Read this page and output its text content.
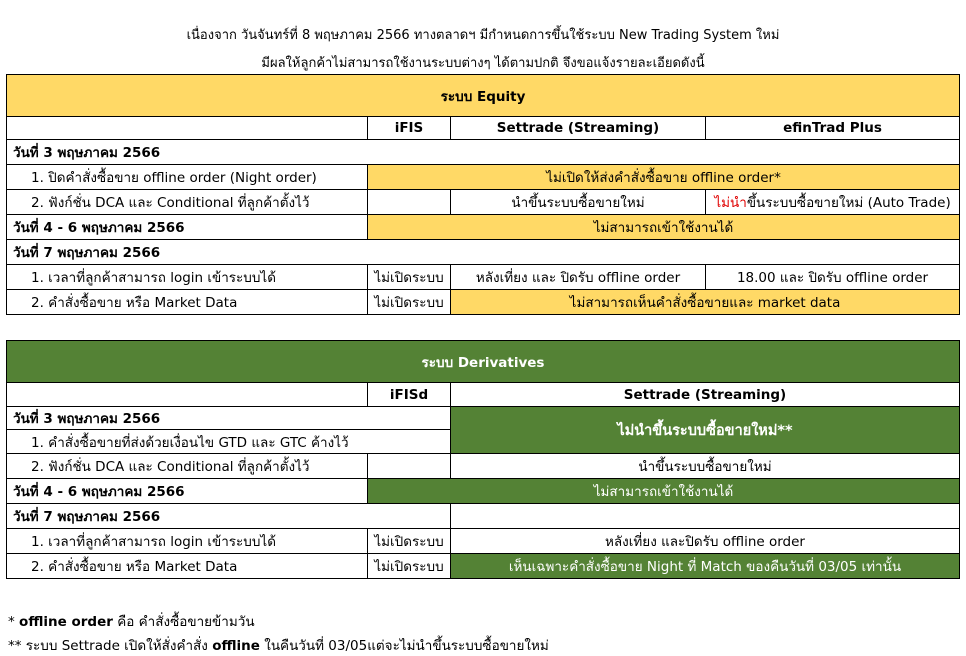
เนื่องจาก วันจันทร์ที่ 8 พฤษภาคม 2566 ทางตลาดฯ มีกำหนดการขึ้นใช้ระบบ New Trading System ใหม่
มีผลให้ลูกค้าไม่สามารถใช้งานระบบต่างๆ ได้ตามปกติ จึงขอแจ้งรายละเอียดดังนี้
ระบบ Equity			
	iFIS	Settrade (Streaming)	efinTrad Plus
วันที่ 3 พฤษภาคม 2566			
1. ปิดคำสั่งซื้อขาย offline order (Night order)	ไม่เปิดให้ส่งคำสั่งซื้อขาย offline order*		
2. ฟังก์ชั่น DCA และ Conditional ที่ลูกค้าตั้งไว้		นำขึ้นระบบซื้อขายใหม่	ไม่นำขึ้นระบบซื้อขายใหม่ (Auto Trade)
วันที่ 4 - 6 พฤษภาคม 2566	ไม่สามารถเข้าใช้งานได้		
วันที่ 7 พฤษภาคม 2566			
1. เวลาที่ลูกค้าสามารถ login เข้าระบบได้	ไม่เปิดระบบ	หลังเที่ยง และ ปิดรับ offline order	18.00 และ ปิดรับ offline order
2. คำสั่งซื้อขาย หรือ Market Data	ไม่เปิดระบบ	ไม่สามารถเห็นคำสั่งซื้อขายและ market data	
ระบบ Derivatives		
	iFISd	Settrade (Streaming)
วันที่ 3 พฤษภาคม 2566		ไม่นำขึ้นระบบซื้อขายใหม่**
1. คำสั่งซื้อขายที่ส่งด้วยเงื่อนไข GTD และ GTC ค้างไว้		
2. ฟังก์ชั่น DCA และ Conditional ที่ลูกค้าตั้งไว้		นำขึ้นระบบซื้อขายใหม่
วันที่ 4 - 6 พฤษภาคม 2566	ไม่สามารถเข้าใช้งานได้	
วันที่ 7 พฤษภาคม 2566		
1. เวลาที่ลูกค้าสามารถ login เข้าระบบได้	ไม่เปิดระบบ	หลังเที่ยง และปิดรับ offline order
2. คำสั่งซื้อขาย หรือ Market Data	ไม่เปิดระบบ	เห็นเฉพาะคำสั่งซื้อขาย Night ที่ Match ของคืนวันที่ 03/05 เท่านั้น
* offline order คือ คำสั่งซื้อขายข้ามวัน
** ระบบ Settrade เปิดให้สั่งคำสั่ง offline ในคืนวันที่ 03/05แต่จะไม่นำขึ้นระบบซื้อขายใหม่
